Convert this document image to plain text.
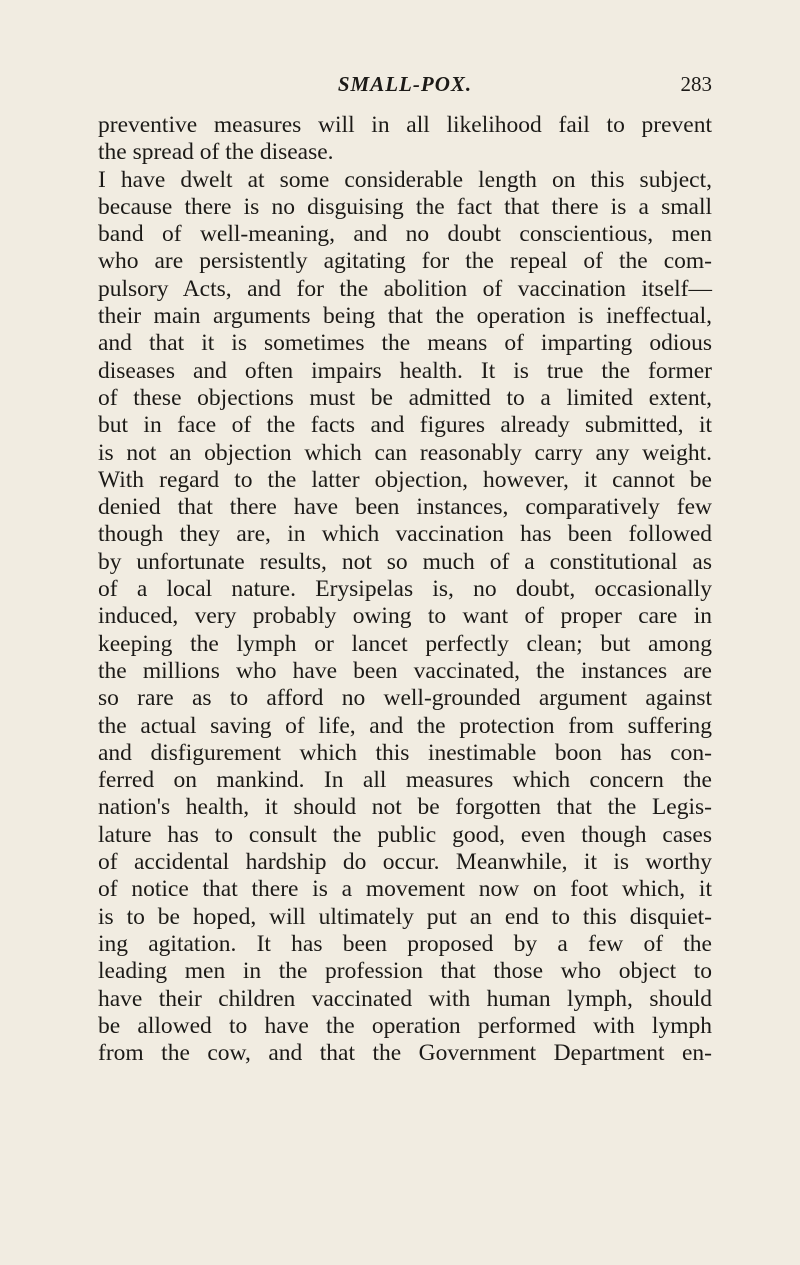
SMALL-POX.	283
preventive measures will in all likelihood fail to prevent
the spread of the disease.
I have dwelt at some considerable length on this subject,
because there is no disguising the fact that there is a small
band of well-meaning, and no doubt conscientious, men
who are persistently agitating for the repeal of the com-
pulsory Acts, and for the abolition of vaccination itself—
their main arguments being that the operation is ineffectual,
and that it is sometimes the means of imparting odious
diseases and often impairs health. It is true the former
of these objections must be admitted to a limited extent,
but in face of the facts and figures already submitted, it
is not an objection which can reasonably carry any weight.
With regard to the latter objection, however, it cannot be
denied that there have been instances, comparatively few
though they are, in which vaccination has been followed
by unfortunate results, not so much of a constitutional as
of a local nature. Erysipelas is, no doubt, occasionally
induced, very probably owing to want of proper care in
keeping the lymph or lancet perfectly clean; but among
the millions who have been vaccinated, the instances are
so rare as to afford no well-grounded argument against
the actual saving of life, and the protection from suffering
and disfigurement which this inestimable boon has con-
ferred on mankind. In all measures which concern the
nation's health, it should not be forgotten that the Legis-
lature has to consult the public good, even though cases
of accidental hardship do occur. Meanwhile, it is worthy
of notice that there is a movement now on foot which, it
is to be hoped, will ultimately put an end to this disquiet-
ing agitation. It has been proposed by a few of the
leading men in the profession that those who object to
have their children vaccinated with human lymph, should
be allowed to have the operation performed with lymph
from the cow, and that the Government Department en-
